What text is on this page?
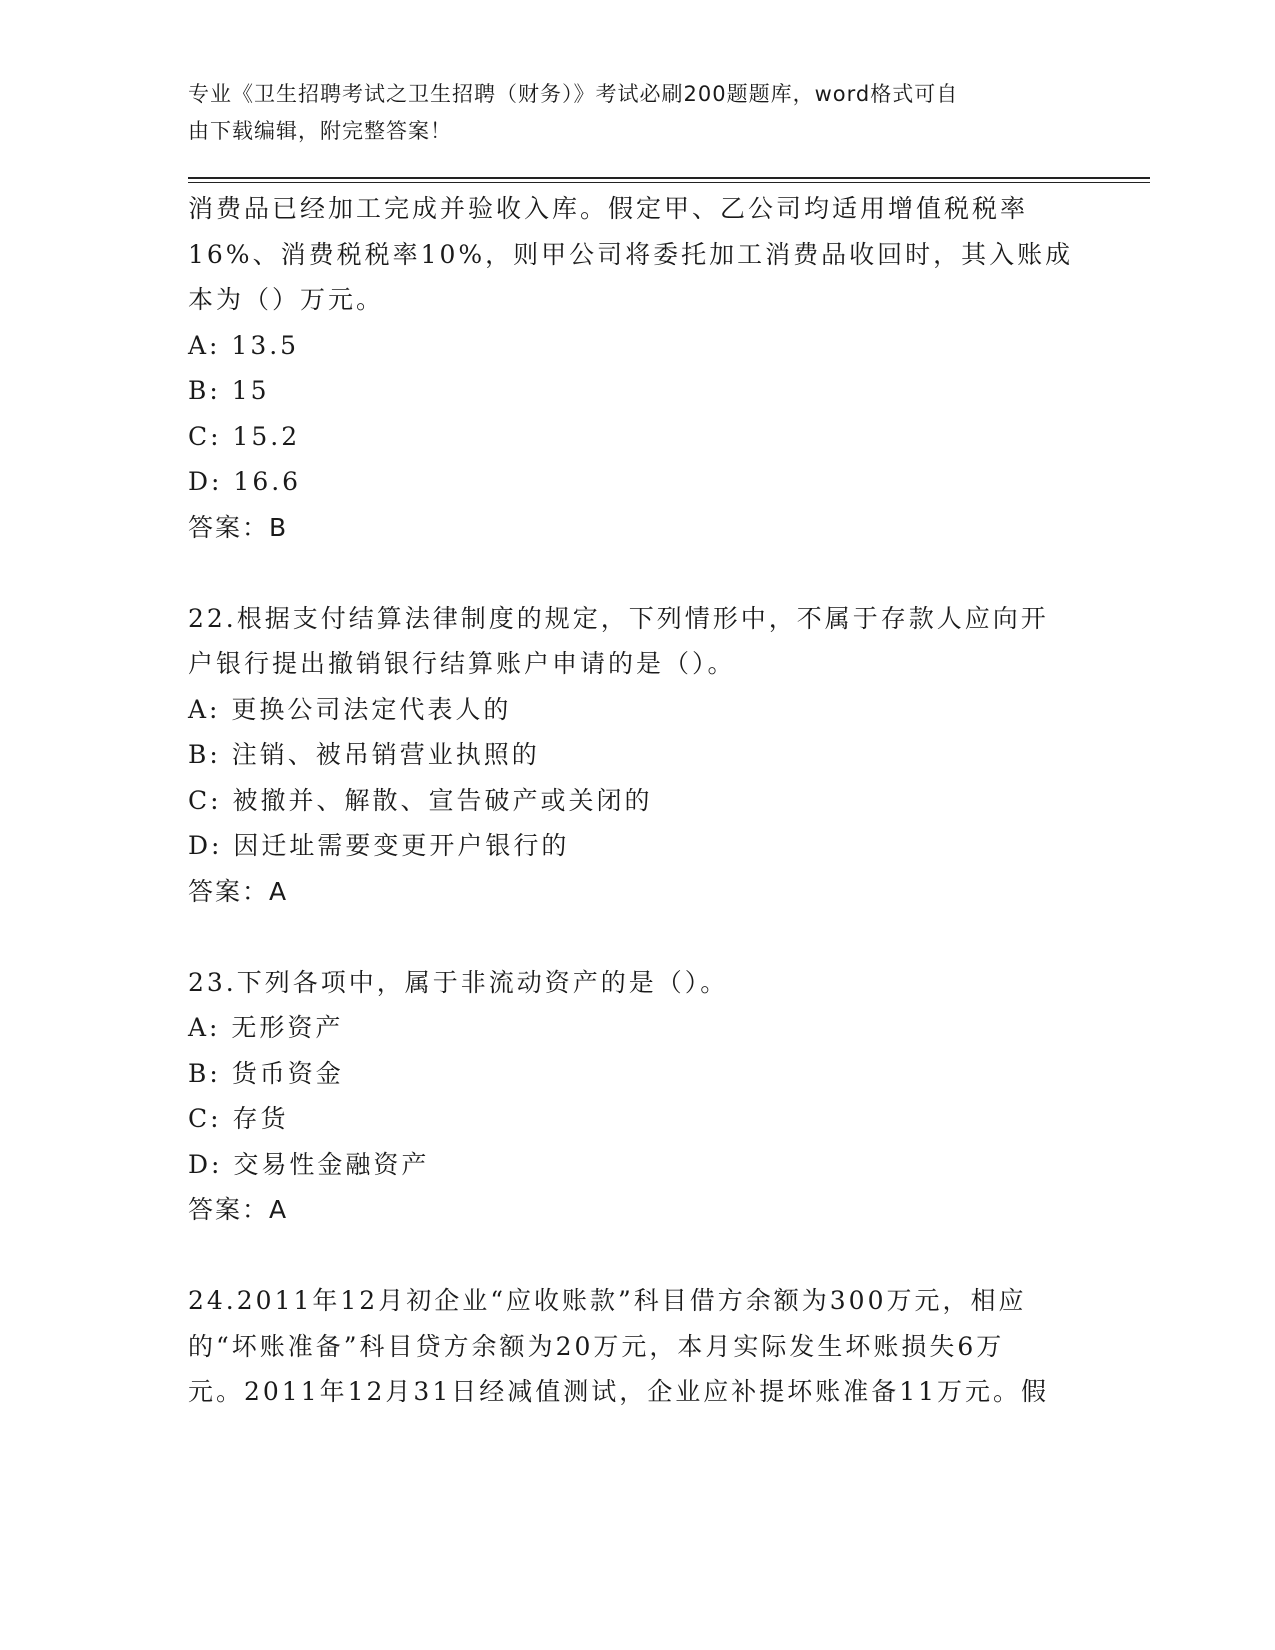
专业《卫生招聘考试之卫生招聘（财务）》考试必刷200题题库，word格式可自
由下载编辑，附完整答案！
消费品已经加工完成并验收入库。假定甲、乙公司均适用增值税税率
16%、消费税税率10%，则甲公司将委托加工消费品收回时，其入账成
本为（）万元。
A: 13.5
B: 15
C: 15.2
D: 16.6
答案：B
22.根据支付结算法律制度的规定，下列情形中，不属于存款人应向开
户银行提出撤销银行结算账户申请的是（）。
A: 更换公司法定代表人的
B: 注销、被吊销营业执照的
C: 被撤并、解散、宣告破产或关闭的
D: 因迁址需要变更开户银行的
答案：A
23.下列各项中，属于非流动资产的是（）。
A: 无形资产
B: 货币资金
C: 存货
D: 交易性金融资产
答案：A
24.2011年12月初企业“应收账款”科目借方余额为300万元，相应
的“坏账准备”科目贷方余额为20万元，本月实际发生坏账损失6万
元。2011年12月31日经减值测试，企业应补提坏账准备11万元。假
